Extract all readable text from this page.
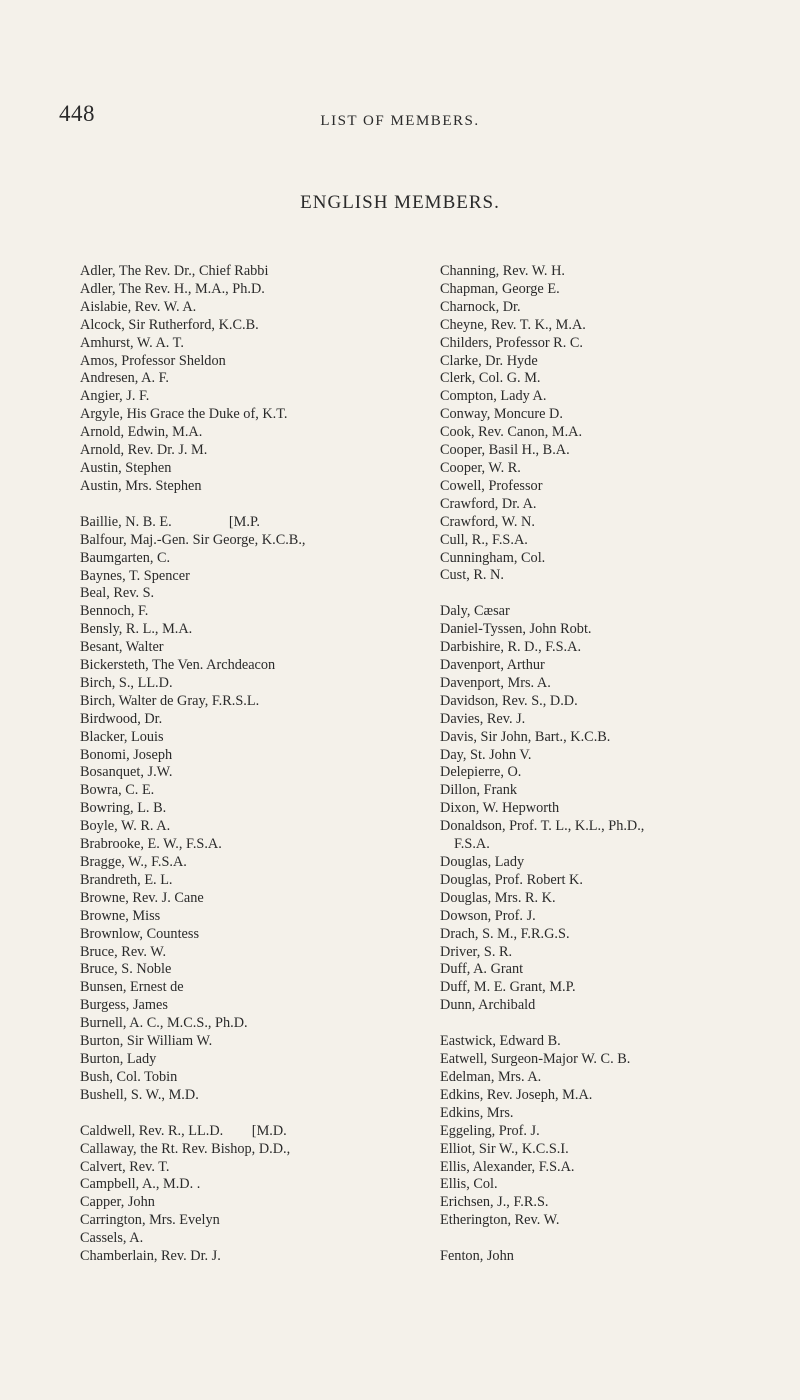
448	LIST OF MEMBERS.
ENGLISH MEMBERS.
Adler, The Rev. Dr., Chief Rabbi
Adler, The Rev. H., M.A., Ph.D.
Aislabie, Rev. W. A.
Alcock, Sir Rutherford, K.C.B.
Amhurst, W. A. T.
Amos, Professor Sheldon
Andresen, A. F.
Angier, J. F.
Argyle, His Grace the Duke of, K.T.
Arnold, Edwin, M.A.
Arnold, Rev. Dr. J. M.
Austin, Stephen
Austin, Mrs. Stephen
Baillie, N. B. E.                [M.P.
Balfour, Maj.-Gen. Sir George, K.C.B.,
Baumgarten, C.
Baynes, T. Spencer
Beal, Rev. S.
Bennoch, F.
Bensly, R. L., M.A.
Besant, Walter
Bickersteth, The Ven. Archdeacon
Birch, S., LL.D.
Birch, Walter de Gray, F.R.S.L.
Birdwood, Dr.
Blacker, Louis
Bonomi, Joseph
Bosanquet, J.W.
Bowra, C. E.
Bowring, L. B.
Boyle, W. R. A.
Brabrooke, E. W., F.S.A.
Bragge, W., F.S.A.
Brandreth, E. L.
Browne, Rev. J. Cane
Browne, Miss
Brownlow, Countess
Bruce, Rev. W.
Bruce, S. Noble
Bunsen, Ernest de
Burgess, James
Burnell, A. C., M.C.S., Ph.D.
Burton, Sir William W.
Burton, Lady
Bush, Col. Tobin
Bushell, S. W., M.D.
Caldwell, Rev. R., LL.D.        [M.D.
Callaway, the Rt. Rev. Bishop, D.D.,
Calvert, Rev. T.
Campbell, A., M.D. .
Capper, John
Carrington, Mrs. Evelyn
Cassels, A.
Chamberlain, Rev. Dr. J.
Channing, Rev. W. H.
Chapman, George E.
Charnock, Dr.
Cheyne, Rev. T. K., M.A.
Childers, Professor R. C.
Clarke, Dr. Hyde
Clerk, Col. G. M.
Compton, Lady A.
Conway, Moncure D.
Cook, Rev. Canon, M.A.
Cooper, Basil H., B.A.
Cooper, W. R.
Cowell, Professor
Crawford, Dr. A.
Crawford, W. N.
Cull, R., F.S.A.
Cunningham, Col.
Cust, R. N.
Daly, Cæsar
Daniel-Tyssen, John Robt.
Darbishire, R. D., F.S.A.
Davenport, Arthur
Davenport, Mrs. A.
Davidson, Rev. S., D.D.
Davies, Rev. J.
Davis, Sir John, Bart., K.C.B.
Day, St. John V.
Delepierre, O.
Dillon, Frank
Dixon, W. Hepworth
Donaldson, Prof. T. L., K.L., Ph.D.,
F.S.A.
Douglas, Lady
Douglas, Prof. Robert K.
Douglas, Mrs. R. K.
Dowson, Prof. J.
Drach, S. M., F.R.G.S.
Driver, S. R.
Duff, A. Grant
Duff, M. E. Grant, M.P.
Dunn, Archibald
Eastwick, Edward B.
Eatwell, Surgeon-Major W. C. B.
Edelman, Mrs. A.
Edkins, Rev. Joseph, M.A.
Edkins, Mrs.
Eggeling, Prof. J.
Elliot, Sir W., K.C.S.I.
Ellis, Alexander, F.S.A.
Ellis, Col.
Erichsen, J., F.R.S.
Etherington, Rev. W.
Fenton, John
